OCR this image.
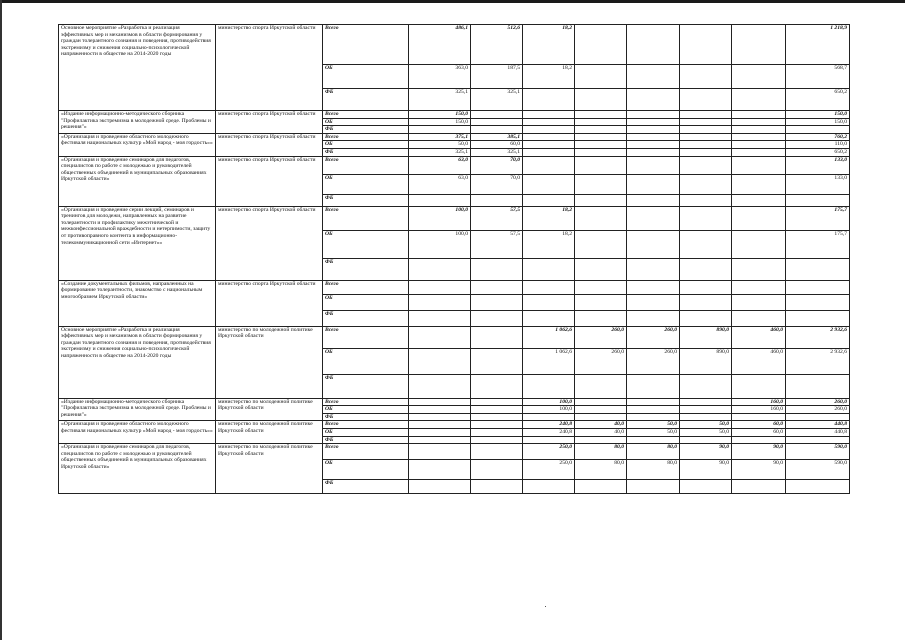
Основное мероприятие «Разработка и реализация эффективных мер и механизмов в области формирования у граждан толерантного сознания и поведения, противодействия экстремизму и снижения социально-психологической напряженности в обществе на 2014-2020 годы	министерство спорта Иркутской области	Всего	486,1	512,6	18,2					1 218,9
		ОБ	363,0	187,5	18,2					568,7
		ФБ	325,1	325,1						650,2
«Издание информационно-методического сборника "Профилактика экстремизма в молодежной среде. Проблемы и решения"»	министерство спорта Иркутской области	Всего	150,0							150,0
		ОБ	150,0							150,0
		ФБ								
«Организация и проведение областного молодежного фестиваля национальных культур «Мой народ - моя гордость»»	министерство спорта Иркутской области	Всего	375,1	385,1						760,2
		ОБ	50,0	60,0						110,0
		ФБ	325,1	325,1						650,2
«Организация и проведение семинаров для педагогов, специалистов по работе с молодежью и руководителей общественных объединений в муниципальных образованиях Иркутской области»	министерство спорта Иркутской области	Всего	63,0	70,0						133,0
		ОБ	63,0	70,0						133,0
		ФБ								
«Организация и проведение серии лекций, семинаров и тренингов для молодежи, направленных на развитие толерантности и профилактику межэтнической и межконфессиональной враждебности и нетерпимости, защиту от противоправного контента в информационно-телекоммуникационной сети «Интернет»»	министерство спорта Иркутской области	Всего	100,0	57,5	18,2					175,7
		ОБ	100,0	57,5	18,2					175,7
		ФБ								
«Создание документальных фильмов, направленных на формирование толерантности, знакомство с национальным многообразием Иркутской области»	министерство спорта Иркутской области	Всего								
		ОБ								
		ФБ								
Основное мероприятие «Разработка и реализация эффективных мер и механизмов в области формирования у граждан толерантного сознания и поведения, противодействия экстремизму и снижения социально-психологической напряженности в обществе на 2014-2020 годы	министерство по молодежной политике Иркутской области	Всего			1 062,6	260,0	260,0	890,0	460,0	2 932,6
		ОБ			1 062,6	260,0	260,0	890,0	460,0	2 932,6
		ФБ								
«Издание информационно-методического сборника "Профилактика экстремизма в молодежной среде. Проблемы и решения"»	министерство по молодежной политике Иркутской области	Всего			100,0				160,0	260,0
		ОБ			100,0				160,0	260,0
		ФБ								
«Организация и проведение областного молодежного фестиваля национальных культур «Мой народ - моя гордость»»	министерство по молодежной политике Иркутской области	Всего			240,8	40,0	50,0	50,0	60,0	440,8
		ОБ			240,8	40,0	50,0	50,0	60,0	440,8
		ФБ								
«Организация и проведение семинаров для педагогов, специалистов по работе с молодежью и руководителей общественных объединений в муниципальных образованиях Иркутской области»	министерство по молодежной политике Иркутской области	Всего			250,0	80,0	80,0	90,0	90,0	590,0
		ОБ			250,0	80,0	80,0	90,0	90,0	590,0
		ФБ								
